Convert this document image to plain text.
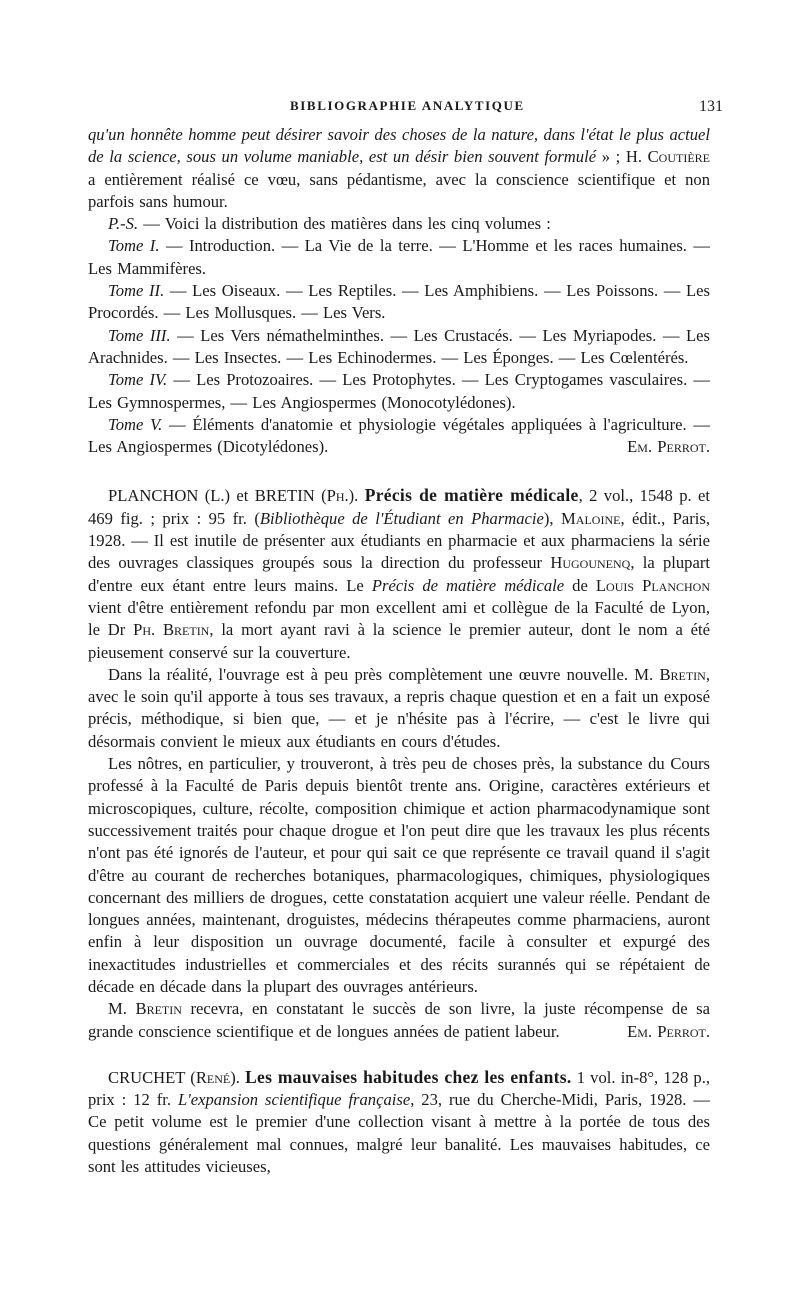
BIBLIOGRAPHIE ANALYTIQUE	131

qu'un honnête homme peut désirer savoir des choses de la nature, dans l'état le plus actuel de la science, sous un volume maniable, est un désir bien souvent formulé » ; H. Coutière a entièrement réalisé ce vœu, sans pédantisme, avec la conscience scientifique et non parfois sans humour.

P.-S. — Voici la distribution des matières dans les cinq volumes :

Tome I. — Introduction. — La Vie de la terre. — L'Homme et les races humaines. — Les Mammifères.

Tome II. — Les Oiseaux. — Les Reptiles. — Les Amphibiens. — Les Poissons. — Les Procordés. — Les Mollusques. — Les Vers.

Tome III. — Les Vers némathelminthes. — Les Crustacés. — Les Myriapodes. — Les Arachnides. — Les Insectes. — Les Echinodermes. — Les Éponges. — Les Cœlentérés.

Tome IV. — Les Protozoaires. — Les Protophytes. — Les Cryptogames vasculaires. — Les Gymnospermes, — Les Angiospermes (Monocotylédones).

Tome V. — Éléments d'anatomie et physiologie végétales appliquées à l'agriculture. — Les Angiospermes (Dicotylédones).	Em. Perrot.

PLANCHON (L.) et BRETIN (Ph.). Précis de matière médicale, 2 vol., 1548 p. et 469 fig. ; prix : 95 fr. (Bibliothèque de l'Étudiant en Pharmacie), Maloine, édit., Paris, 1928. — Il est inutile de présenter aux étudiants en pharmacie et aux pharmaciens la série des ouvrages classiques groupés sous la direction du professeur Hugounenq, la plupart d'entre eux étant entre leurs mains. Le Précis de matière médicale de Louis Planchon vient d'être entièrement refondu par mon excellent ami et collègue de la Faculté de Lyon, le Dr Ph. Bretin, la mort ayant ravi à la science le premier auteur, dont le nom a été pieusement conservé sur la couverture.

Dans la réalité, l'ouvrage est à peu près complètement une œuvre nouvelle. M. Bretin, avec le soin qu'il apporte à tous ses travaux, a repris chaque question et en a fait un exposé précis, méthodique, si bien que, — et je n'hésite pas à l'écrire, — c'est le livre qui désormais convient le mieux aux étudiants en cours d'études.

Les nôtres, en particulier, y trouveront, à très peu de choses près, la substance du Cours professé à la Faculté de Paris depuis bientôt trente ans. Origine, caractères extérieurs et microscopiques, culture, récolte, composition chimique et action pharmacodynamique sont successivement traités pour chaque drogue et l'on peut dire que les travaux les plus récents n'ont pas été ignorés de l'auteur, et pour qui sait ce que représente ce travail quand il s'agit d'être au courant de recherches botaniques, pharmacologiques, chimiques, physiologiques concernant des milliers de drogues, cette constatation acquiert une valeur réelle. Pendant de longues années, maintenant, droguistes, médecins thérapeutes comme pharmaciens, auront enfin à leur disposition un ouvrage documenté, facile à consulter et expurgé des inexactitudes industrielles et commerciales et des récits surannés qui se répétaient de décade en décade dans la plupart des ouvrages antérieurs.

M. Bretin recevra, en constatant le succès de son livre, la juste récompense de sa grande conscience scientifique et de longues années de patient labeur.	Em. Perrot.

CRUCHET (René). Les mauvaises habitudes chez les enfants. 1 vol. in-8°, 128 p., prix : 12 fr. L'expansion scientifique française, 23, rue du Cherche-Midi, Paris, 1928. — Ce petit volume est le premier d'une collection visant à mettre à la portée de tous des questions généralement mal connues, malgré leur banalité. Les mauvaises habitudes, ce sont les attitudes vicieuses,
